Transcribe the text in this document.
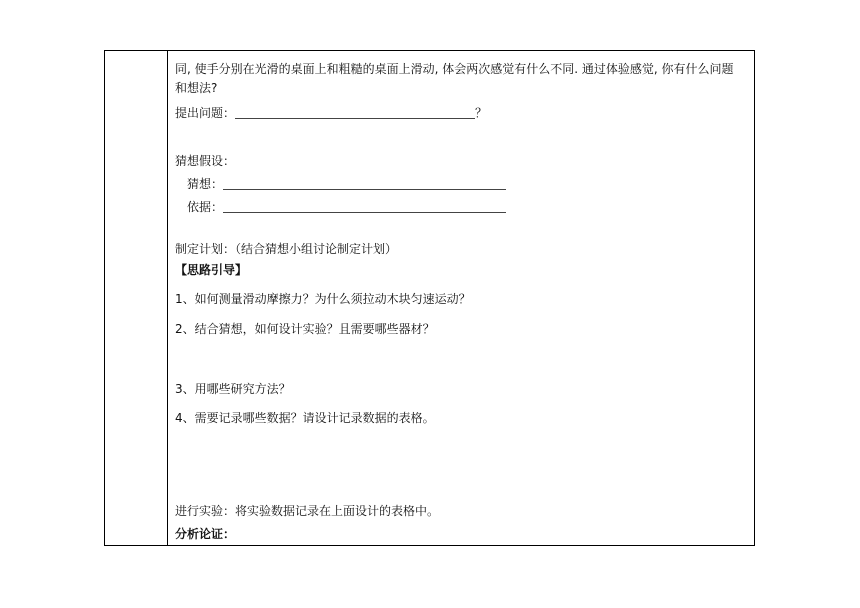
同, 使手分别在光滑的桌面上和粗糙的桌面上滑动, 体会两次感觉有什么不同. 通过体验感觉, 你有什么问题
和想法?
提出问题：	？
猜想假设：
猜想：
依据：
制定计划：（结合猜想小组讨论制定计划）
【思路引导】
1、如何测量滑动摩擦力？为什么须拉动木块匀速运动？
2、结合猜想，如何设计实验？且需要哪些器材？
3、用哪些研究方法？
4、需要记录哪些数据？请设计记录数据的表格。
进行实验：将实验数据记录在上面设计的表格中。
分析论证：
